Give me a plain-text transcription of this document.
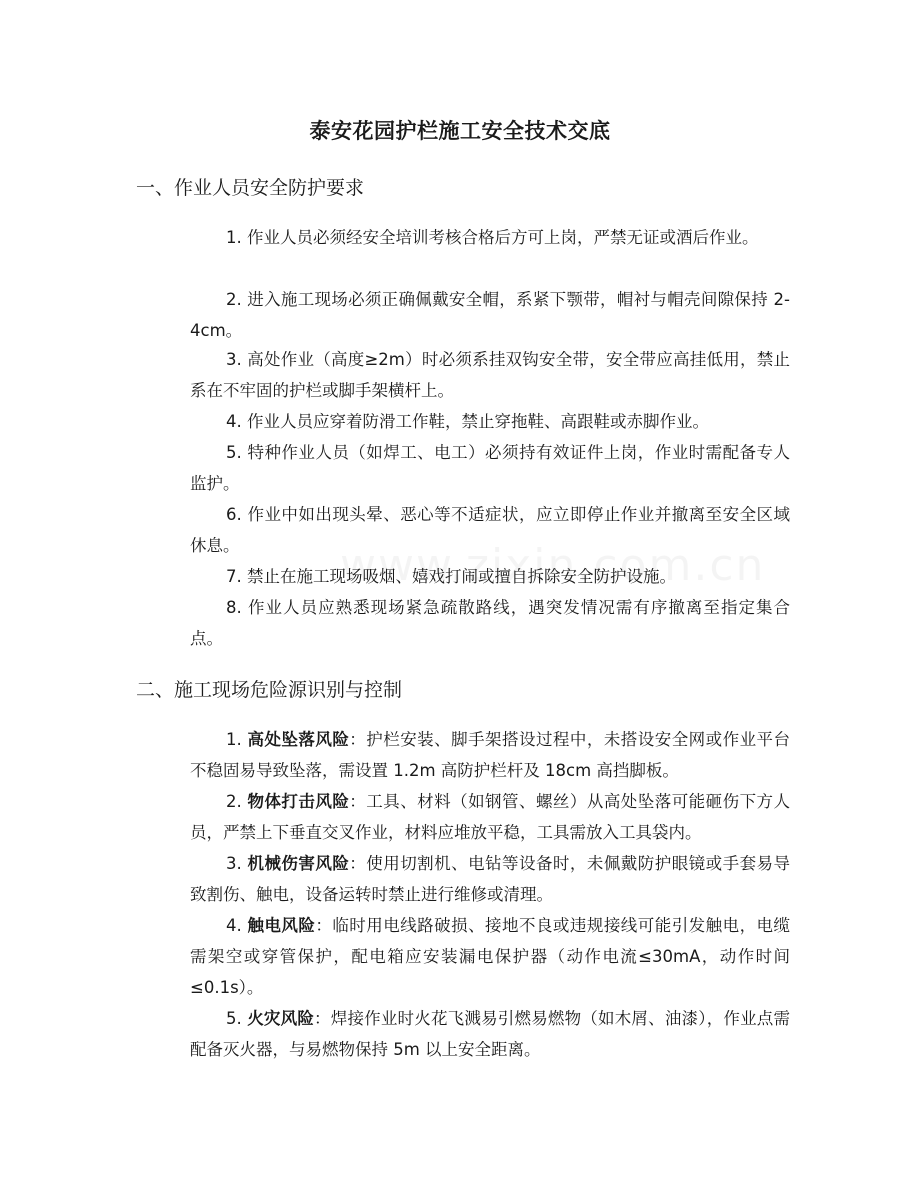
泰安花园护栏施工安全技术交底
一、作业人员安全防护要求
1. 作业人员必须经安全培训考核合格后方可上岗，严禁无证或酒后作业。
2. 进入施工现场必须正确佩戴安全帽，系紧下颚带，帽衬与帽壳间隙保持 2-4cm。
3. 高处作业（高度≥2m）时必须系挂双钩安全带，安全带应高挂低用，禁止系在不牢固的护栏或脚手架横杆上。
4. 作业人员应穿着防滑工作鞋，禁止穿拖鞋、高跟鞋或赤脚作业。
5. 特种作业人员（如焊工、电工）必须持有效证件上岗，作业时需配备专人监护。
6. 作业中如出现头晕、恶心等不适症状，应立即停止作业并撤离至安全区域休息。
7. 禁止在施工现场吸烟、嬉戏打闹或擅自拆除安全防护设施。
8. 作业人员应熟悉现场紧急疏散路线，遇突发情况需有序撤离至指定集合点。
二、施工现场危险源识别与控制
1. 高处坠落风险：护栏安装、脚手架搭设过程中，未搭设安全网或作业平台不稳固易导致坠落，需设置 1.2m 高防护栏杆及 18cm 高挡脚板。
2. 物体打击风险：工具、材料（如钢管、螺丝）从高处坠落可能砸伤下方人员，严禁上下垂直交叉作业，材料应堆放平稳，工具需放入工具袋内。
3. 机械伤害风险：使用切割机、电钻等设备时，未佩戴防护眼镜或手套易导致割伤、触电，设备运转时禁止进行维修或清理。
4. 触电风险：临时用电线路破损、接地不良或违规接线可能引发触电，电缆需架空或穿管保护，配电箱应安装漏电保护器（动作电流≤30mA，动作时间≤0.1s）。
5. 火灾风险：焊接作业时火花飞溅易引燃易燃物（如木屑、油漆），作业点需配备灭火器，与易燃物保持 5m 以上安全距离。
